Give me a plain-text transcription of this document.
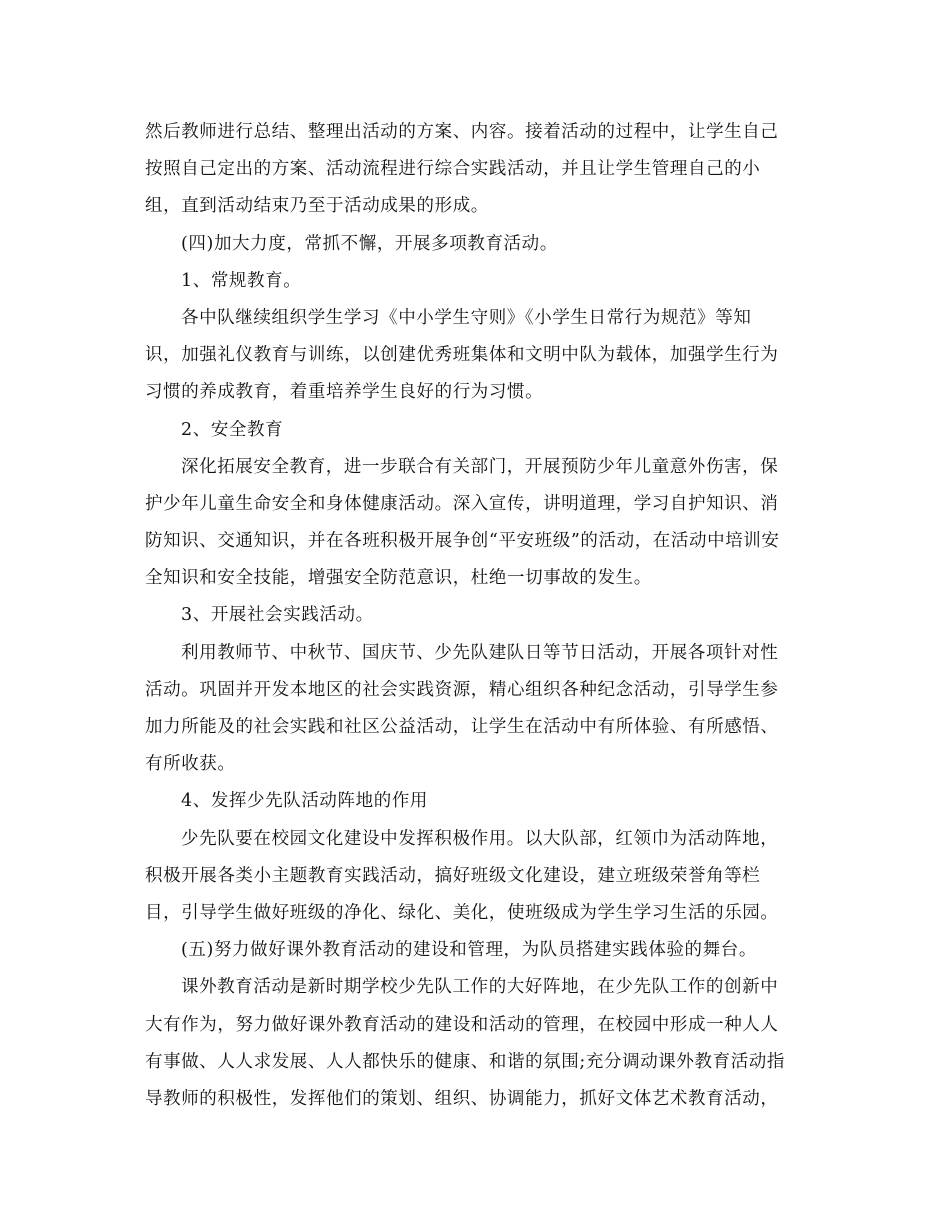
然后教师进行总结、整理出活动的方案、内容。接着活动的过程中，让学生自己
按照自己定出的方案、活动流程进行综合实践活动，并且让学生管理自己的小
组，直到活动结束乃至于活动成果的形成。
(四)加大力度，常抓不懈，开展多项教育活动。
1、常规教育。
各中队继续组织学生学习《中小学生守则》《小学生日常行为规范》等知
识，加强礼仪教育与训练，以创建优秀班集体和文明中队为载体，加强学生行为
习惯的养成教育，着重培养学生良好的行为习惯。
2、安全教育
深化拓展安全教育，进一步联合有关部门，开展预防少年儿童意外伤害，保
护少年儿童生命安全和身体健康活动。深入宣传，讲明道理，学习自护知识、消
防知识、交通知识，并在各班积极开展争创“平安班级”的活动，在活动中培训安
全知识和安全技能，增强安全防范意识，杜绝一切事故的发生。
3、开展社会实践活动。
利用教师节、中秋节、国庆节、少先队建队日等节日活动，开展各项针对性
活动。巩固并开发本地区的社会实践资源，精心组织各种纪念活动，引导学生参
加力所能及的社会实践和社区公益活动，让学生在活动中有所体验、有所感悟、
有所收获。
4、发挥少先队活动阵地的作用
少先队要在校园文化建设中发挥积极作用。以大队部，红领巾为活动阵地，
积极开展各类小主题教育实践活动，搞好班级文化建设，建立班级荣誉角等栏
目，引导学生做好班级的净化、绿化、美化，使班级成为学生学习生活的乐园。
(五)努力做好课外教育活动的建设和管理，为队员搭建实践体验的舞台。
课外教育活动是新时期学校少先队工作的大好阵地，在少先队工作的创新中
大有作为，努力做好课外教育活动的建设和活动的管理，在校园中形成一种人人
有事做、人人求发展、人人都快乐的健康、和谐的氛围;充分调动课外教育活动指
导教师的积极性，发挥他们的策划、组织、协调能力，抓好文体艺术教育活动，
